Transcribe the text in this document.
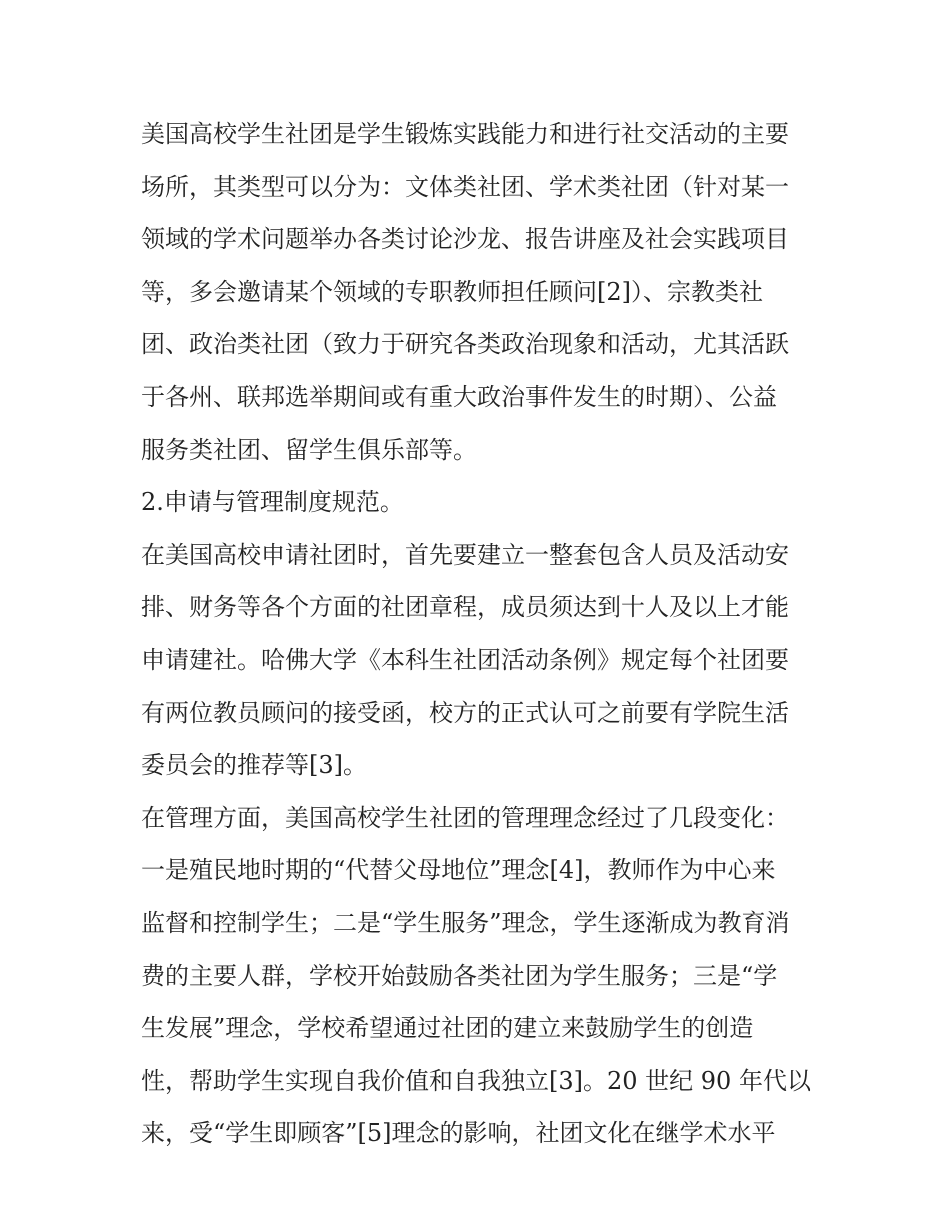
美国高校学生社团是学生锻炼实践能力和进行社交活动的主要
场所，其类型可以分为：文体类社团、学术类社团（针对某一
领域的学术问题举办各类讨论沙龙、报告讲座及社会实践项目
等，多会邀请某个领域的专职教师担任顾问[2]）、宗教类社
团、政治类社团（致力于研究各类政治现象和活动，尤其活跃
于各州、联邦选举期间或有重大政治事件发生的时期）、公益
服务类社团、留学生俱乐部等。
2.申请与管理制度规范。
在美国高校申请社团时，首先要建立一整套包含人员及活动安
排、财务等各个方面的社团章程，成员须达到十人及以上才能
申请建社。哈佛大学《本科生社团活动条例》规定每个社团要
有两位教员顾问的接受函，校方的正式认可之前要有学院生活
委员会的推荐等[3]。
在管理方面，美国高校学生社团的管理理念经过了几段变化：
一是殖民地时期的“代替父母地位”理念[4]，教师作为中心来
监督和控制学生；二是“学生服务”理念，学生逐渐成为教育消
费的主要人群，学校开始鼓励各类社团为学生服务；三是“学
生发展”理念，学校希望通过社团的建立来鼓励学生的创造
性，帮助学生实现自我价值和自我独立[3]。20 世纪 90 年代以
来，受“学生即顾客”[5]理念的影响，社团文化在继学术水平
